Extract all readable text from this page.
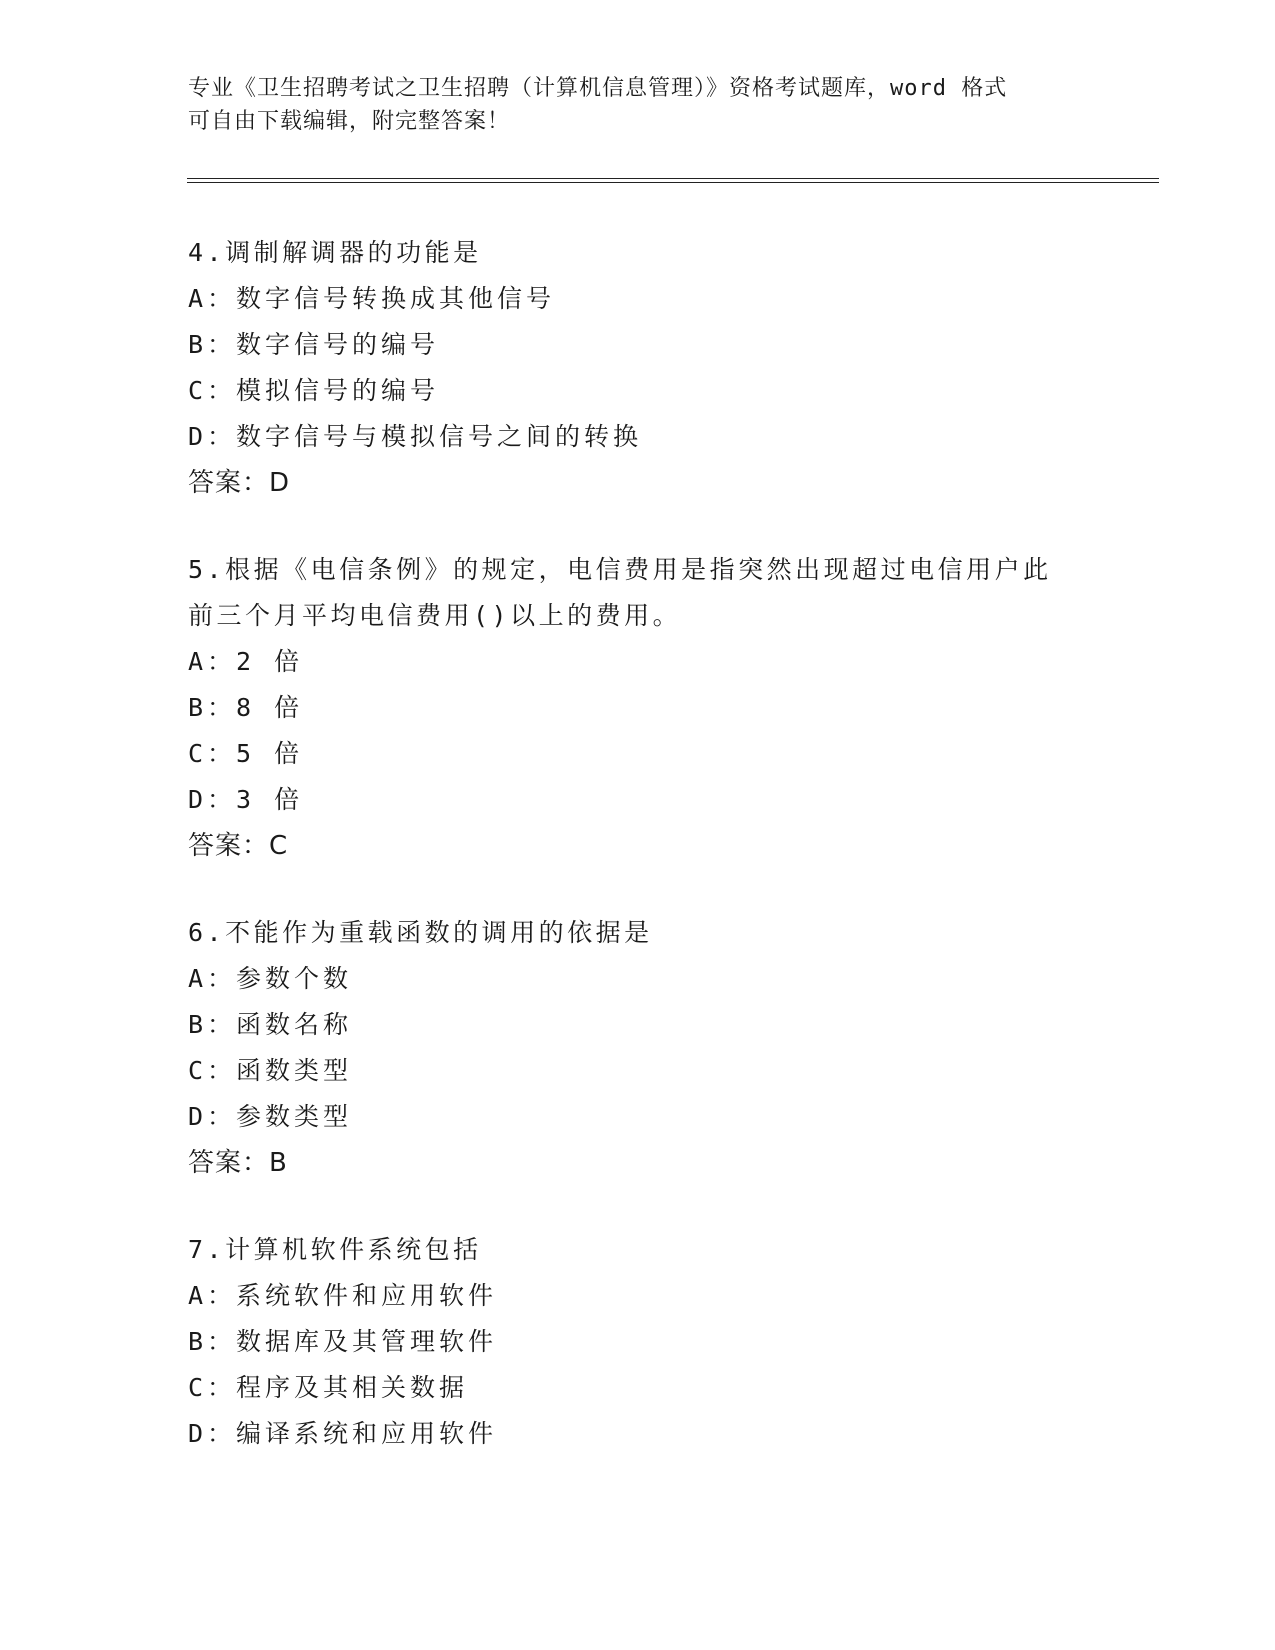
专业《卫生招聘考试之卫生招聘（计算机信息管理）》资格考试题库，word 格式
可自由下载编辑，附完整答案！
4.调制解调器的功能是
A：数字信号转换成其他信号
B：数字信号的编号
C：模拟信号的编号
D：数字信号与模拟信号之间的转换
答案：D
5.根据《电信条例》的规定，电信费用是指突然出现超过电信用户此
前三个月平均电信费用()以上的费用。
A：2 倍
B：8 倍
C：5 倍
D：3 倍
答案：C
6.不能作为重载函数的调用的依据是
A：参数个数
B：函数名称
C：函数类型
D：参数类型
答案：B
7.计算机软件系统包括
A：系统软件和应用软件
B：数据库及其管理软件
C：程序及其相关数据
D：编译系统和应用软件
